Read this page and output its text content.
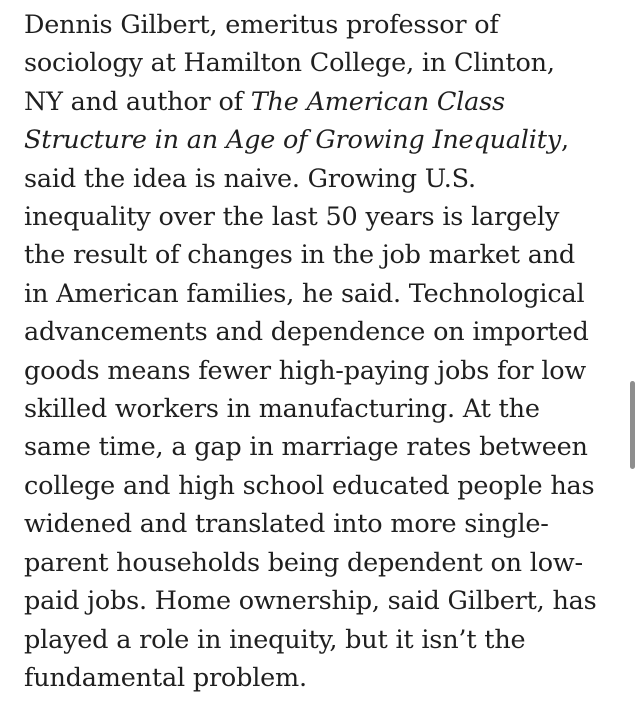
Dennis Gilbert, emeritus professor of
sociology at Hamilton College, in Clinton,
NY and author of The American Class
Structure in an Age of Growing Inequality,
said the idea is naive. Growing U.S.
inequality over the last 50 years is largely
the result of changes in the job market and
in American families, he said. Technological
advancements and dependence on imported
goods means fewer high-paying jobs for low
skilled workers in manufacturing. At the
same time, a gap in marriage rates between
college and high school educated people has
widened and translated into more single-
parent households being dependent on low-
paid jobs. Home ownership, said Gilbert, has
played a role in inequity, but it isn’t the
fundamental problem.
